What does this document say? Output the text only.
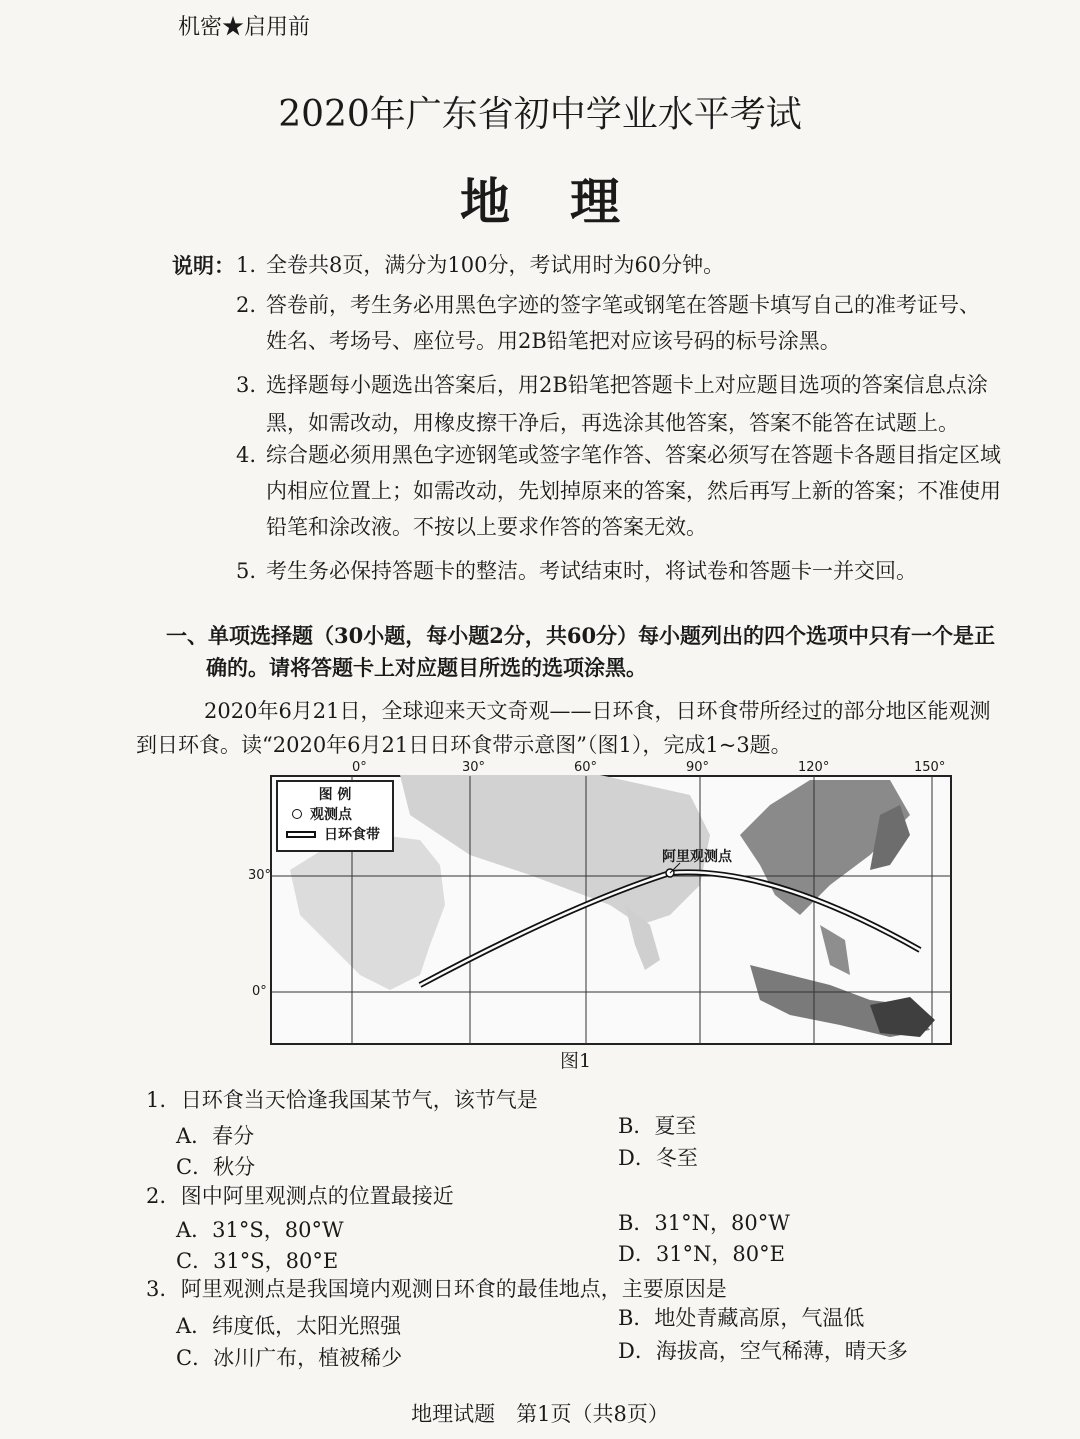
机密★启用前
2020年广东省初中学业水平考试
地理
说明： 1. 全卷共8页，满分为100分，考试用时为60分钟。
2. 答卷前，考生务必用黑色字迹的签字笔或钢笔在答题卡填写自己的准考证号、
姓名、考场号、座位号。用2B铅笔把对应该号码的标号涂黑。
3. 选择题每小题选出答案后，用2B铅笔把答题卡上对应题目选项的答案信息点涂
黑，如需改动，用橡皮擦干净后，再选涂其他答案，答案不能答在试题上。
4. 综合题必须用黑色字迹钢笔或签字笔作答、答案必须写在答题卡各题目指定区域
内相应位置上；如需改动，先划掉原来的答案，然后再写上新的答案；不准使用
铅笔和涂改液。不按以上要求作答的答案无效。
5. 考生务必保持答题卡的整洁。考试结束时，将试卷和答题卡一并交回。
一、单项选择题（30小题，每小题2分，共60分）每小题列出的四个选项中只有一个是正
确的。请将答题卡上对应题目所选的选项涂黑。
2020年6月21日，全球迎来天文奇观——日环食，日环食带所经过的部分地区能观测
到日环食。读“2020年6月21日日环食带示意图”（图1），完成1~3题。
0°	30°	60°	90°	120°	150°
30°
0°
阿里观测点
图 例
观测点
日环食带
图1
1. 日环食当天恰逢我国某节气，该节气是
A．春分	B．夏至
C．秋分	D．冬至
2. 图中阿里观测点的位置最接近
A．31°S，80°W	B．31°N，80°W
C．31°S，80°E	D．31°N，80°E
3. 阿里观测点是我国境内观测日环食的最佳地点，主要原因是
A．纬度低，太阳光照强	B．地处青藏高原，气温低
C．冰川广布，植被稀少	D．海拔高，空气稀薄，晴天多
地理试题　第1页（共8页）
